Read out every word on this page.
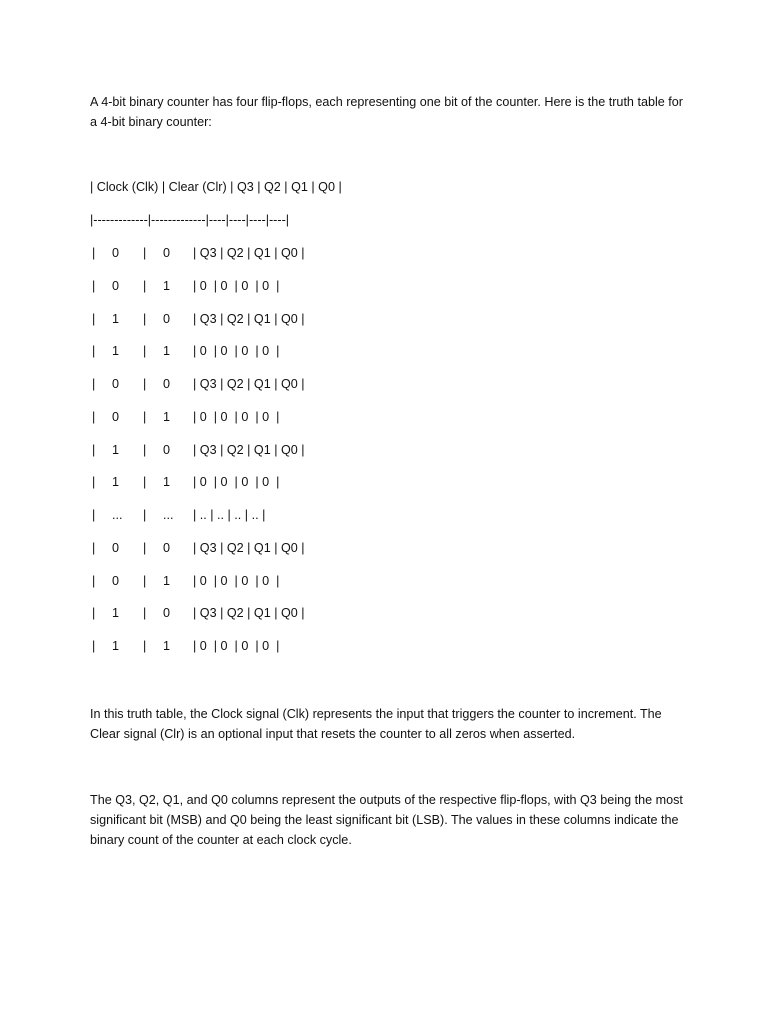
A 4-bit binary counter has four flip-flops, each representing one bit of the counter. Here is the truth table for a 4-bit binary counter:

| Clock (Clk) | Clear (Clr) | Q3 | Q2 | Q1 | Q0 |
|-------------|-------------|----|----|----|----|
| 0 | 0 | Q3 | Q2 | Q1 | Q0 |
| 0 | 1 | 0  | 0  | 0  | 0  |
| 1 | 0 | Q3 | Q2 | Q1 | Q0 |
| 1 | 1 | 0  | 0  | 0  | 0  |
| 0 | 0 | Q3 | Q2 | Q1 | Q0 |
| 0 | 1 | 0  | 0  | 0  | 0  |
| 1 | 0 | Q3 | Q2 | Q1 | Q0 |
| 1 | 1 | 0  | 0  | 0  | 0  |
| ... | ... | .. | .. | .. | .. |
| 0 | 0 | Q3 | Q2 | Q1 | Q0 |
| 0 | 1 | 0  | 0  | 0  | 0  |
| 1 | 0 | Q3 | Q2 | Q1 | Q0 |
| 1 | 1 | 0  | 0  | 0  | 0  |

In this truth table, the Clock signal (Clk) represents the input that triggers the counter to increment. The Clear signal (Clr) is an optional input that resets the counter to all zeros when asserted.

The Q3, Q2, Q1, and Q0 columns represent the outputs of the respective flip-flops, with Q3 being the most significant bit (MSB) and Q0 being the least significant bit (LSB). The values in these columns indicate the binary count of the counter at each clock cycle.
